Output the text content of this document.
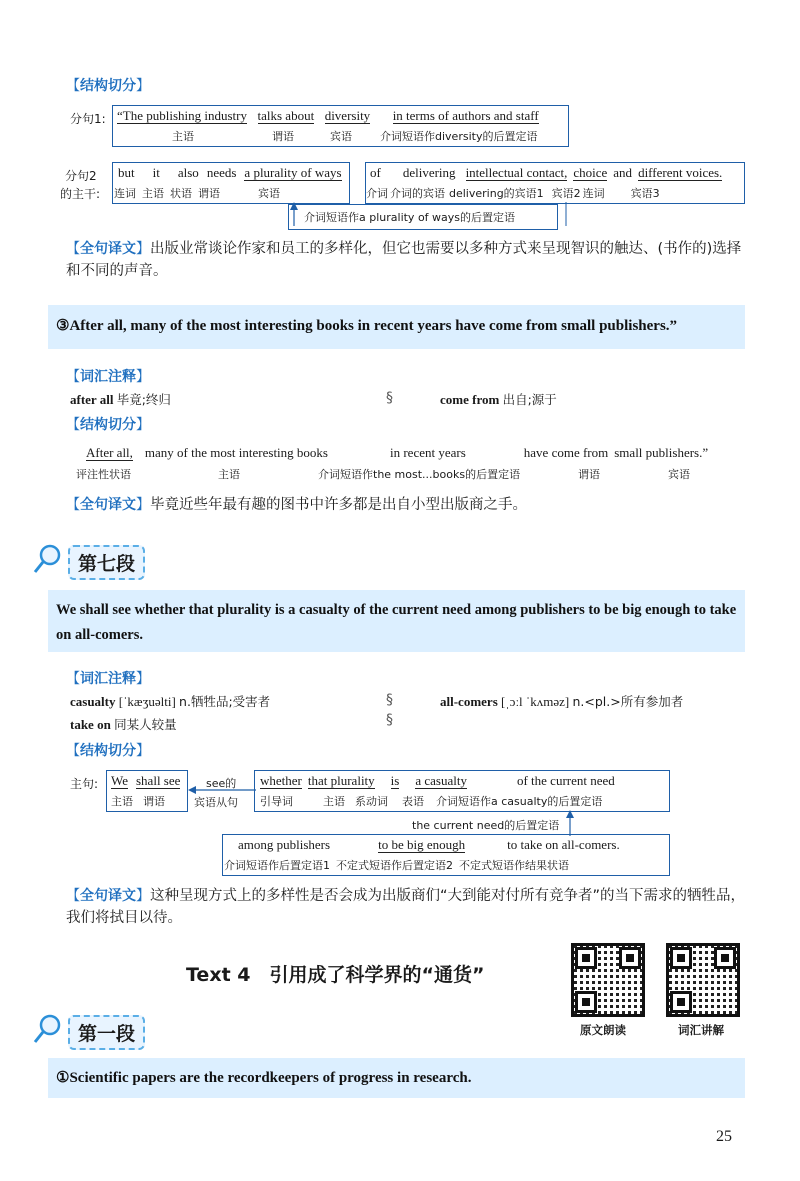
【结构切分】
分句1: “The publishing industry talks about diversity in terms of authors and staff
主语	谓语	宾语	介词短语作diversity的后置定语
分句2
的主干:
but it also needs a plurality of ways
连词 主语 状语 谓语	宾语
of delivering intellectual contact, choice and different voices.
介词 介词的宾语 delivering的宾语1 宾语2 连词 宾语3
介词短语作a plurality of ways的后置定语
【全句译文】出版业常谈论作家和员工的多样化，但它也需要以多种方式来呈现智识的触达、(书作的)选择和不同的声音。
③After all, many of the most interesting books in recent years have come from small publishers.”
【词汇注释】
after all 毕竟;终归	§	come from 出自;源于
【结构切分】
After all, many of the most interesting books	in recent years	have come from small publishers.”
评注性状语	主语	介词短语作the most...books的后置定语	谓语	宾语
【全句译文】毕竟近些年最有趣的图书中许多都是出自小型出版商之手。
第七段
We shall see whether that plurality is a casualty of the current need among publishers to be big enough to take on all-comers.
【词汇注释】
casualty [ˈkæʒuəlti] n.牺牲品;受害者	§
§
all-comers [ˌɔːl ˈkʌməz] n.<pl.>所有参加者
take on 同某人较量
【结构切分】
主句: We shall see
主语 谓语
see的
宾语从句
whether that plurality is a casualty	of the current need
引导词	主语 系动词 表语 介词短语作a casualty的后置定语
the current need的后置定语
among publishers	to be big enough	to take on all-comers.
介词短语作后置定语1 不定式短语作后置定语2 不定式短语作结果状语
【全句译文】这种呈现方式上的多样性是否会成为出版商们“大到能对付所有竞争者”的当下需求的牺牲品，我们将拭目以待。
Text 4　引用成了科学界的“通货”
原文朗读	词汇讲解
第一段
①Scientific papers are the recordkeepers of progress in research.
25
